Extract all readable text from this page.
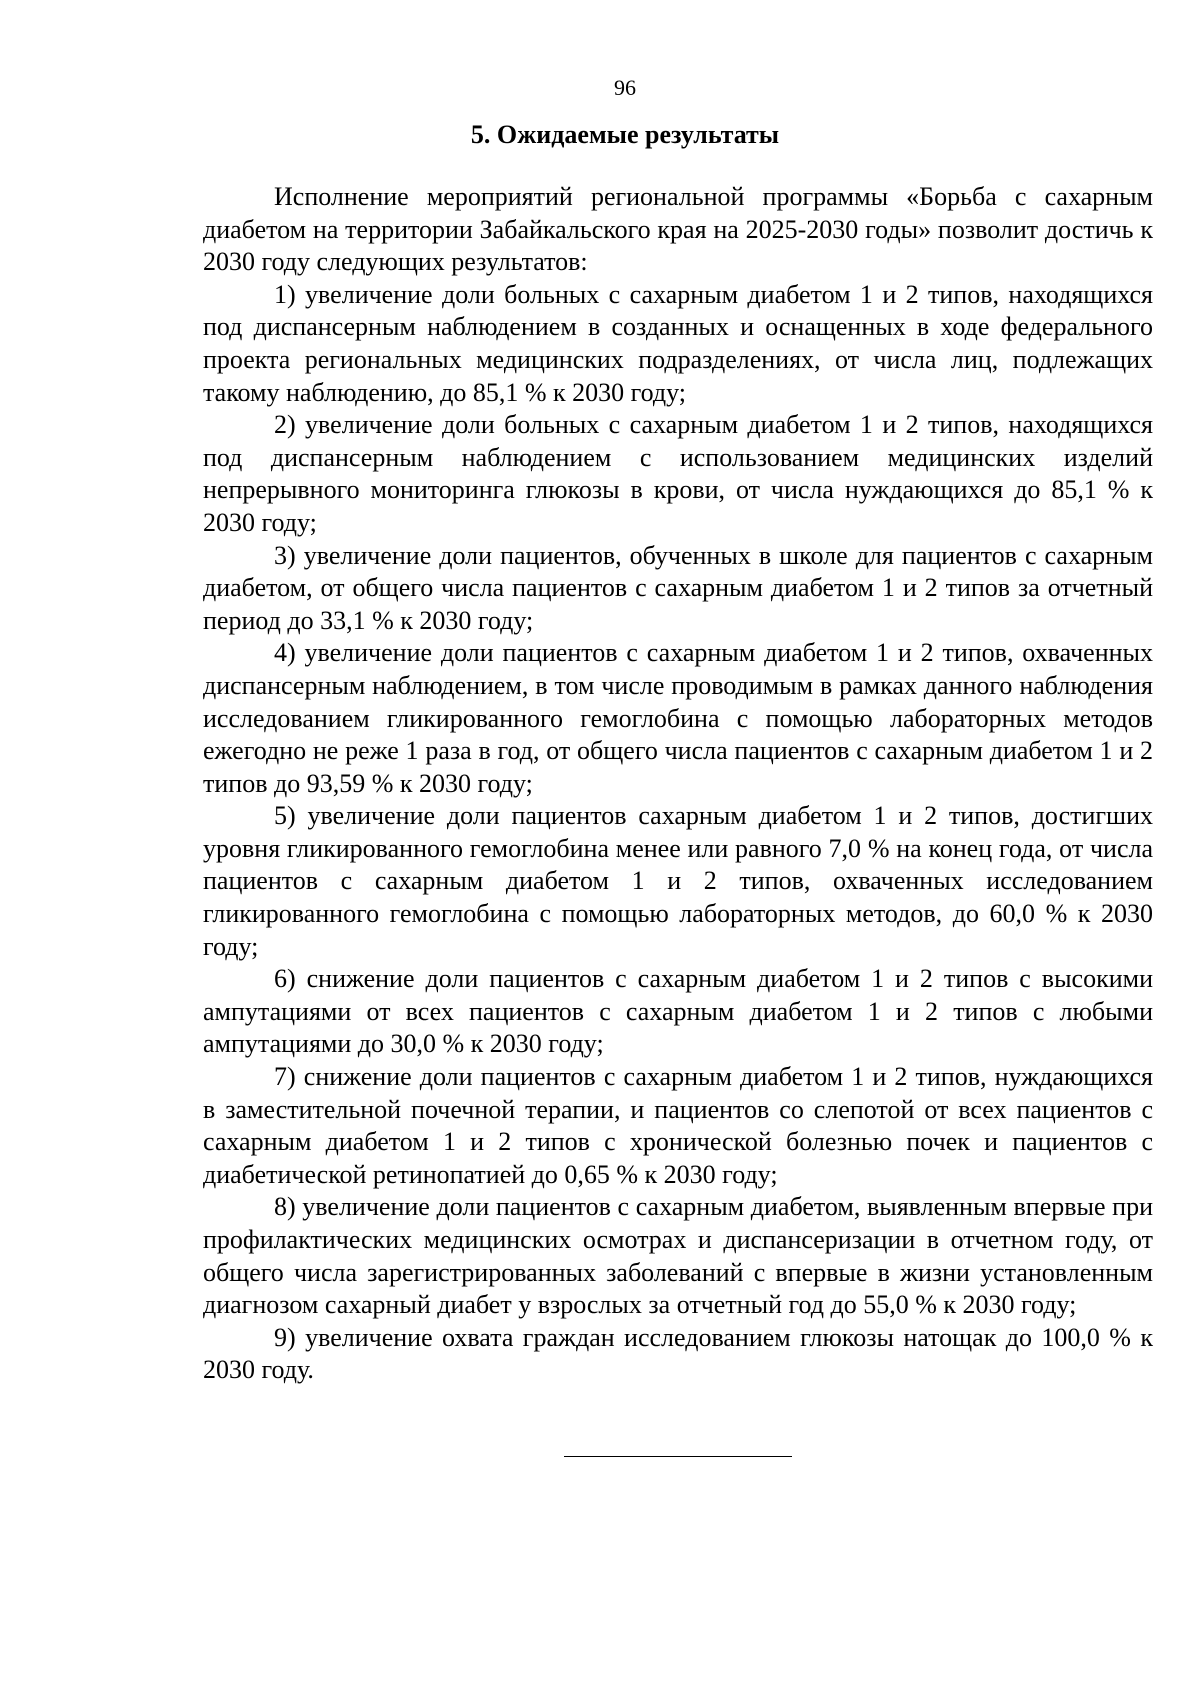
96
5. Ожидаемые результаты

Исполнение мероприятий региональной программы «Борьба с сахарным диабетом на территории Забайкальского края на 2025-2030 годы» позволит достичь к 2030 году следующих результатов:

1) увеличение доли больных с сахарным диабетом 1 и 2 типов, находящихся под диспансерным наблюдением в созданных и оснащенных в ходе федерального проекта региональных медицинских подразделениях, от числа лиц, подлежащих такому наблюдению, до 85,1 % к 2030 году;

2) увеличение доли больных с сахарным диабетом 1 и 2 типов, находящихся под диспансерным наблюдением с использованием медицинских изделий непрерывного мониторинга глюкозы в крови, от числа нуждающихся до 85,1 % к 2030 году;

3) увеличение доли пациентов, обученных в школе для пациентов с сахарным диабетом, от общего числа пациентов с сахарным диабетом 1 и 2 типов за отчетный период до 33,1 % к 2030 году;

4) увеличение доли пациентов с сахарным диабетом 1 и 2 типов, охваченных диспансерным наблюдением, в том числе проводимым в рамках данного наблюдения исследованием гликированного гемоглобина с помощью лабораторных методов ежегодно не реже 1 раза в год, от общего числа пациентов с сахарным диабетом 1 и 2 типов до 93,59 % к 2030 году;

5) увеличение доли пациентов сахарным диабетом 1 и 2 типов, достигших уровня гликированного гемоглобина менее или равного 7,0 % на конец года, от числа пациентов с сахарным диабетом 1 и 2 типов, охваченных исследованием гликированного гемоглобина с помощью лабораторных методов, до 60,0 % к 2030 году;

6) снижение доли пациентов с сахарным диабетом 1 и 2 типов с высокими ампутациями от всех пациентов с сахарным диабетом 1 и 2 типов с любыми ампутациями до 30,0 % к 2030 году;

7) снижение доли пациентов с сахарным диабетом 1 и 2 типов, нуждающихся в заместительной почечной терапии, и пациентов со слепотой от всех пациентов с сахарным диабетом 1 и 2 типов с хронической болезнью почек и пациентов с диабетической ретинопатией до 0,65 % к 2030 году;

8) увеличение доли пациентов с сахарным диабетом, выявленным впервые при профилактических медицинских осмотрах и диспансеризации в отчетном году, от общего числа зарегистрированных заболеваний с впервые в жизни установленным диагнозом сахарный диабет у взрослых за отчетный год до 55,0 % к 2030 году;

9) увеличение охвата граждан исследованием глюкозы натощак до 100,0 % к 2030 году.
